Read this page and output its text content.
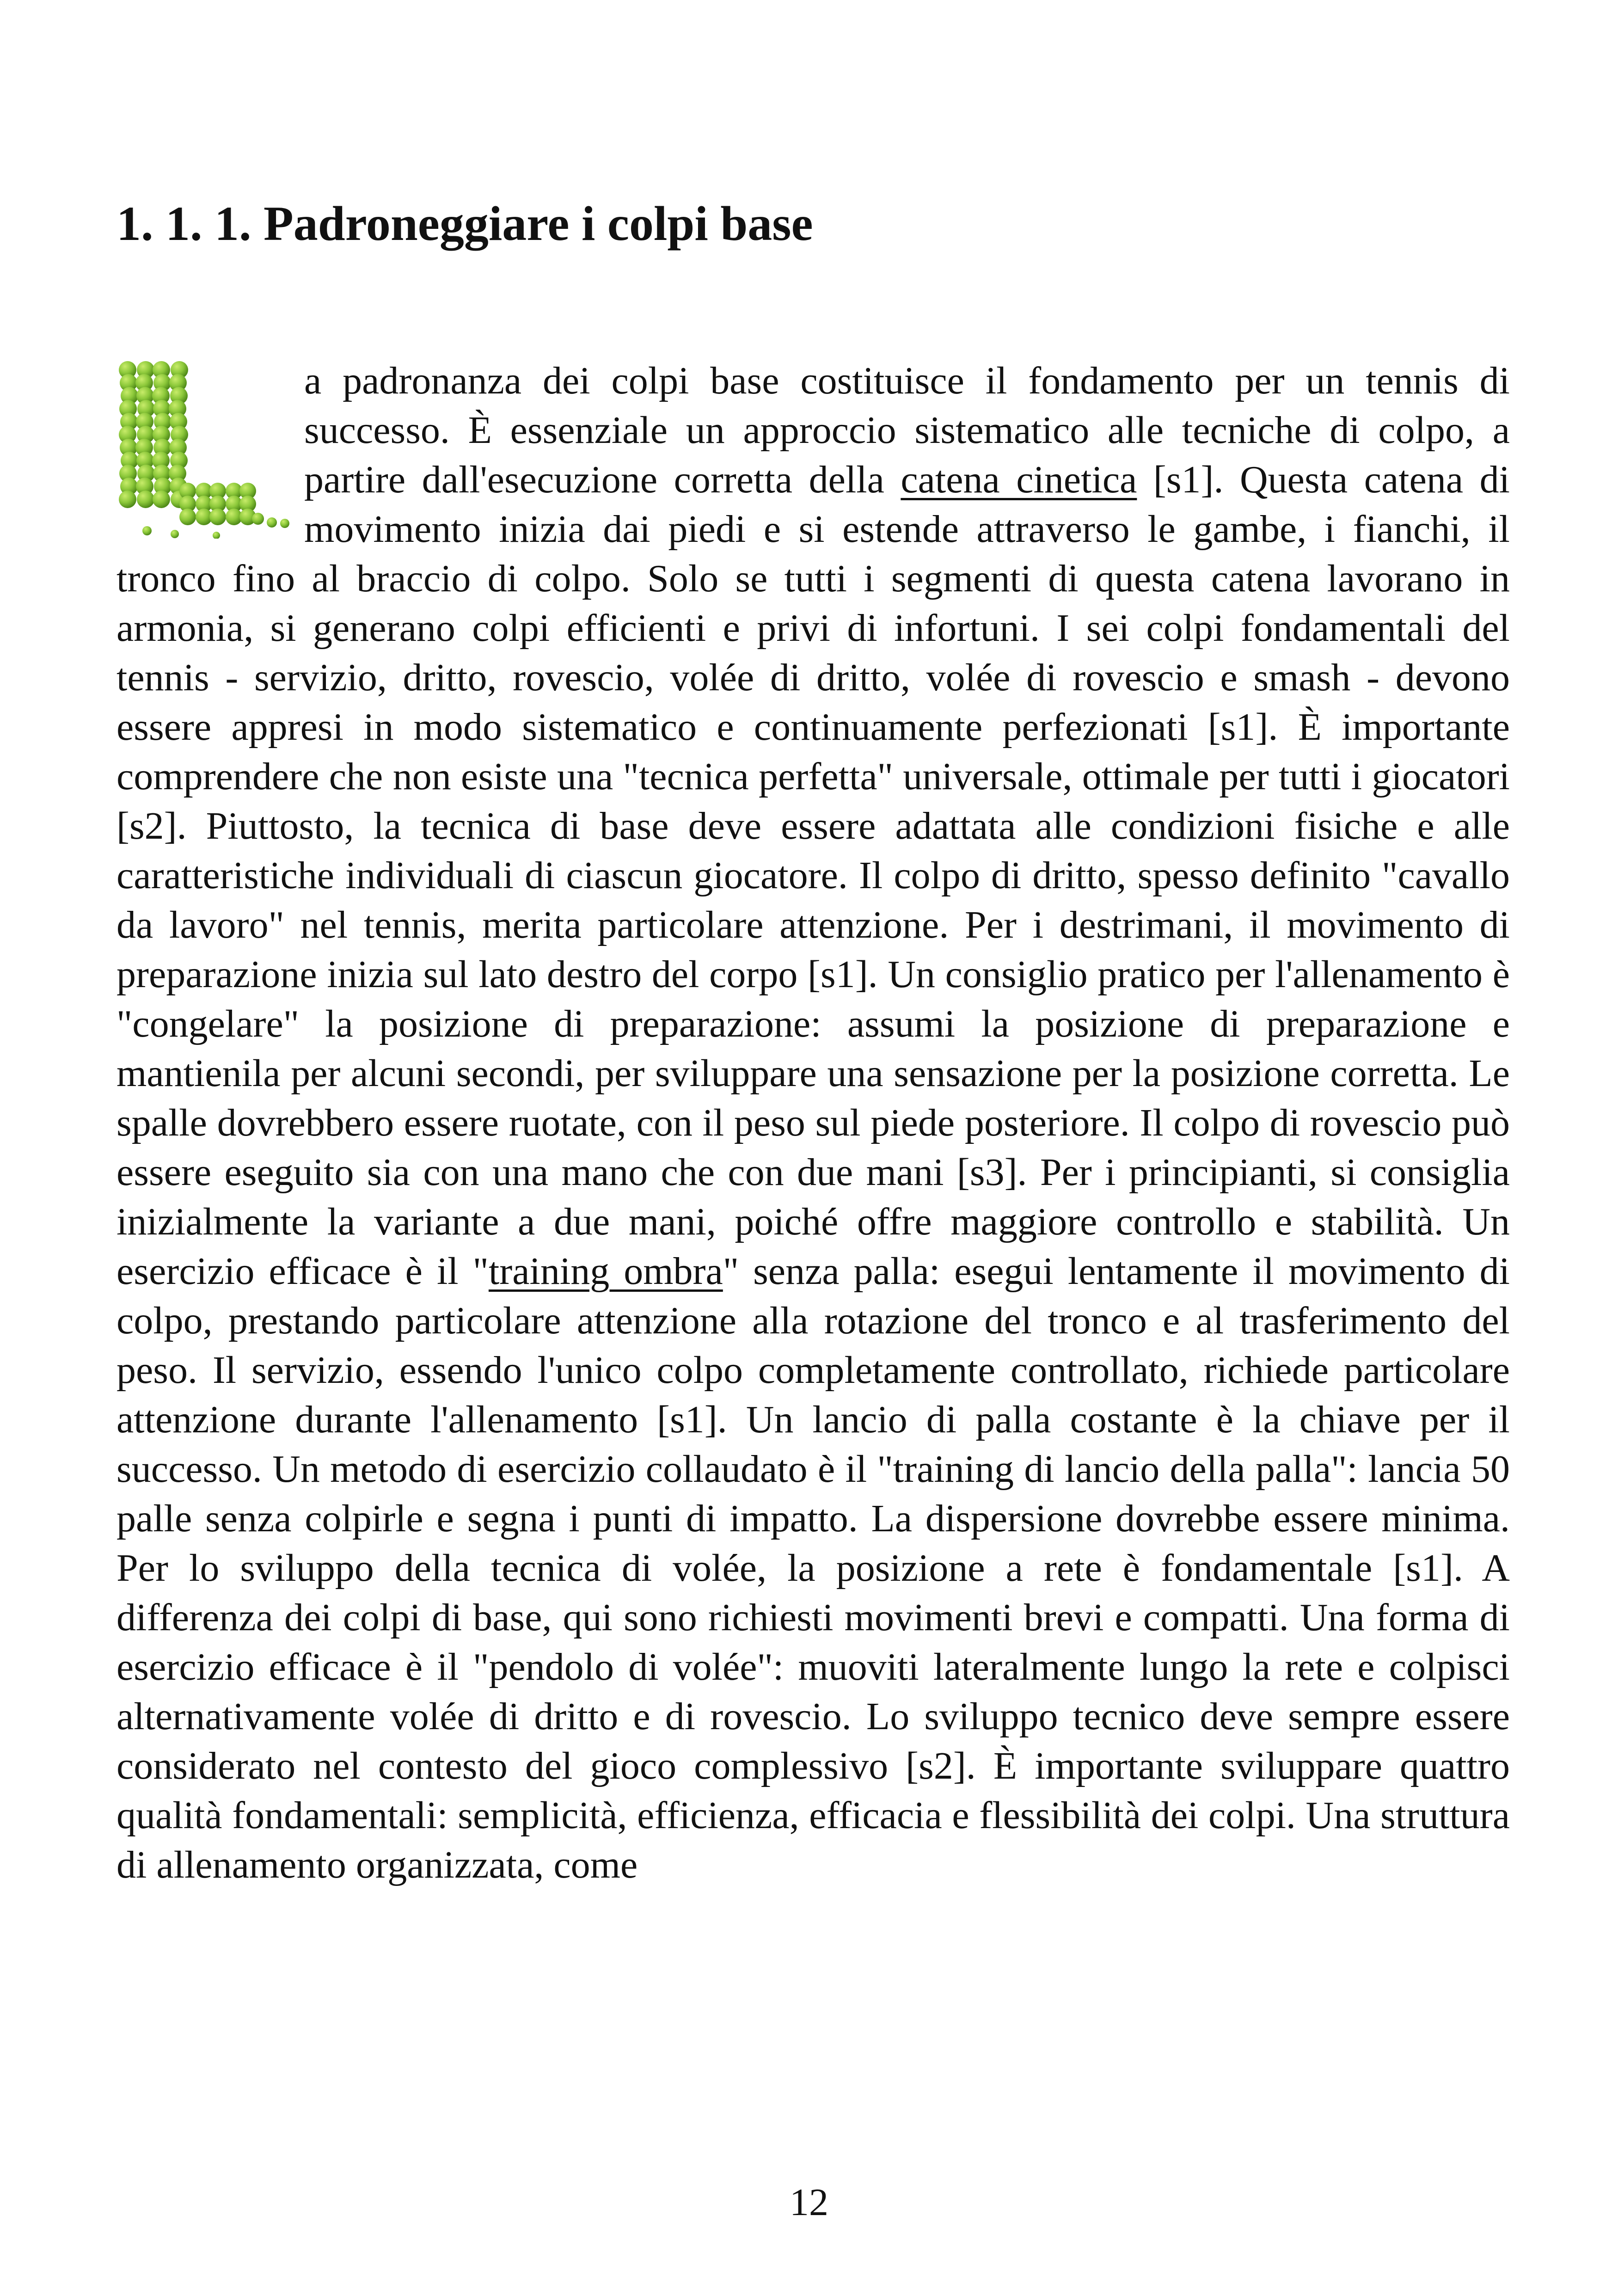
1. 1. 1. Padroneggiare i colpi base

a padronanza dei colpi base costituisce il fondamento per un tennis di successo. È essenziale un approccio sistematico alle tecniche di colpo, a partire dall'esecuzione corretta della catena cinetica [s1]. Questa catena di movimento inizia dai piedi e si estende attraverso le gambe, i fianchi, il tronco fino al braccio di colpo. Solo se tutti i segmenti di questa catena lavorano in armonia, si generano colpi efficienti e privi di infortuni. I sei colpi fondamentali del tennis - servizio, dritto, rovescio, volée di dritto, volée di rovescio e smash - devono essere appresi in modo sistematico e continuamente perfezionati [s1]. È importante comprendere che non esiste una "tecnica perfetta" universale, ottimale per tutti i giocatori [s2]. Piuttosto, la tecnica di base deve essere adattata alle condizioni fisiche e alle caratteristiche individuali di ciascun giocatore. Il colpo di dritto, spesso definito "cavallo da lavoro" nel tennis, merita particolare attenzione. Per i destrimani, il movimento di preparazione inizia sul lato destro del corpo [s1]. Un consiglio pratico per l'allenamento è "congelare" la posizione di preparazione: assumi la posizione di preparazione e mantienila per alcuni secondi, per sviluppare una sensazione per la posizione corretta. Le spalle dovrebbero essere ruotate, con il peso sul piede posteriore. Il colpo di rovescio può essere eseguito sia con una mano che con due mani [s3]. Per i principianti, si consiglia inizialmente la variante a due mani, poiché offre maggiore controllo e stabilità. Un esercizio efficace è il "training ombra" senza palla: esegui lentamente il movimento di colpo, prestando particolare attenzione alla rotazione del tronco e al trasferimento del peso. Il servizio, essendo l'unico colpo completamente controllato, richiede particolare attenzione durante l'allenamento [s1]. Un lancio di palla costante è la chiave per il successo. Un metodo di esercizio collaudato è il "training di lancio della palla": lancia 50 palle senza colpirle e segna i punti di impatto. La dispersione dovrebbe essere minima. Per lo sviluppo della tecnica di volée, la posizione a rete è fondamentale [s1]. A differenza dei colpi di base, qui sono richiesti movimenti brevi e compatti. Una forma di esercizio efficace è il "pendolo di volée": muoviti lateralmente lungo la rete e colpisci alternativamente volée di dritto e di rovescio. Lo sviluppo tecnico deve sempre essere considerato nel contesto del gioco complessivo [s2]. È importante sviluppare quattro qualità fondamentali: semplicità, efficienza, efficacia e flessibilità dei colpi. Una struttura di allenamento organizzata, come

12
